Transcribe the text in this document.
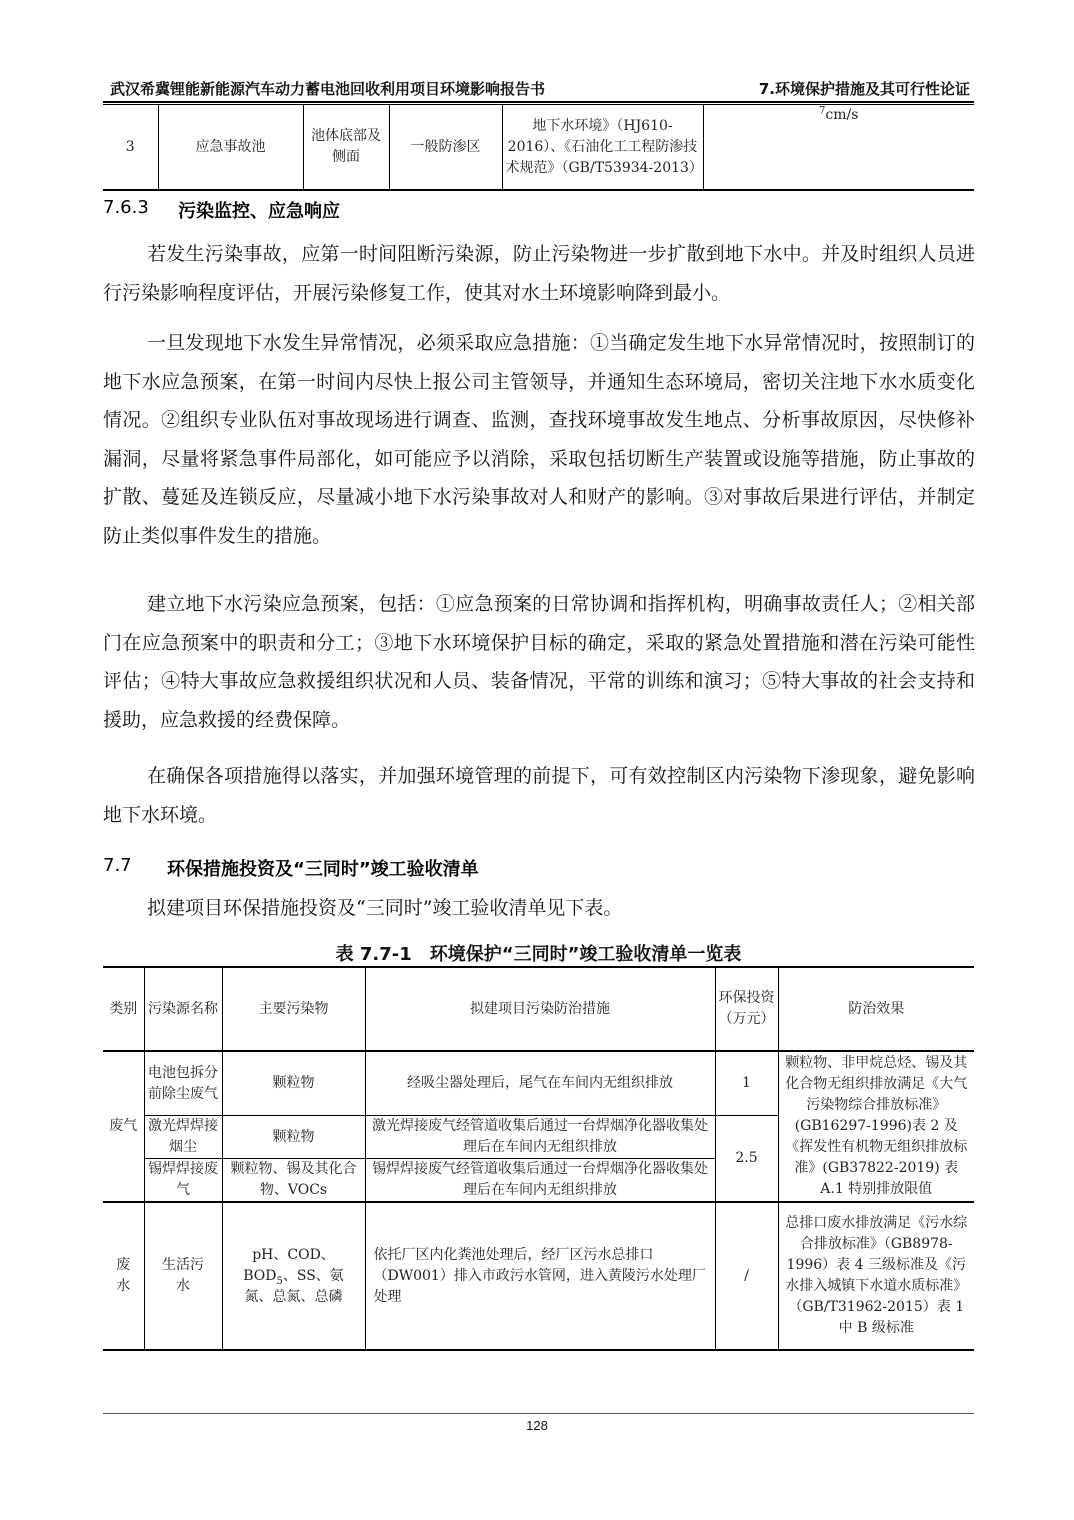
武汉希冀锂能新能源汽车动力蓄电池回收利用项目环境影响报告书	7.环境保护措施及其可行性论证
3	应急事故池	池体底部及侧面	一般防渗区	地下水环境》（HJ610-2016）、《石油化工工程防渗技术规范》（GB/T53934-2013）	$^7$cm/s
7.6.3 污染监控、应急响应

若发生污染事故，应第一时间阻断污染源，防止污染物进一步扩散到地下水中。并及时组织人员进行污染影响程度评估，开展污染修复工作，使其对水土环境影响降到最小。

一旦发现地下水发生异常情况，必须采取应急措施：①当确定发生地下水异常情况时，按照制订的地下水应急预案，在第一时间内尽快上报公司主管领导，并通知生态环境局，密切关注地下水水质变化情况。②组织专业队伍对事故现场进行调查、监测，查找环境事故发生地点、分析事故原因，尽快修补漏洞，尽量将紧急事件局部化，如可能应予以消除，采取包括切断生产装置或设施等措施，防止事故的扩散、蔓延及连锁反应，尽量减小地下水污染事故对人和财产的影响。③对事故后果进行评估，并制定防止类似事件发生的措施。

建立地下水污染应急预案，包括：①应急预案的日常协调和指挥机构，明确事故责任人；②相关部门在应急预案中的职责和分工；③地下水环境保护目标的确定，采取的紧急处置措施和潜在污染可能性评估；④特大事故应急救援组织状况和人员、装备情况，平常的训练和演习；⑤特大事故的社会支持和援助，应急救援的经费保障。

在确保各项措施得以落实，并加强环境管理的前提下，可有效控制区内污染物下渗现象，避免影响地下水环境。

7.7 环保措施投资及“三同时”竣工验收清单

拟建项目环保措施投资及“三同时”竣工验收清单见下表。

表 7.7-1　环境保护“三同时”竣工验收清单一览表
类别	污染源名称	主要污染物	拟建项目污染防治措施	环保投资（万元）	防治效果
废气	电池包拆分前除尘废气	颗粒物	经吸尘器处理后，尾气在车间内无组织排放	1	颗粒物、非甲烷总烃、锡及其化合物无组织排放满足《大气污染物综合排放标准》(GB16297-1996)表 2 及《挥发性有机物无组织排放标准》(GB37822-2019) 表 A.1 特别排放限值
	激光焊焊接烟尘	颗粒物	激光焊接废气经管道收集后通过一台焊烟净化器收集处理后在车间内无组织排放	2.5	
	锡焊焊接废气	颗粒物、锡及其化合物、VOCs	锡焊焊接废气经管道收集后通过一台焊烟净化器收集处理后在车间内无组织排放		
废水	生活污水	pH、COD、$BOD_5$、SS、氨氮、总氮、总磷	依托厂区内化粪池处理后，经厂区污水总排口（DW001）排入市政污水管网，进入黄陵污水处理厂处理	/	总排口废水排放满足《污水综合排放标准》（GB8978-1996）表 4 三级标准及《污水排入城镇下水道水质标准》（GB/T31962-2015）表 1 中 B 级标准
128
